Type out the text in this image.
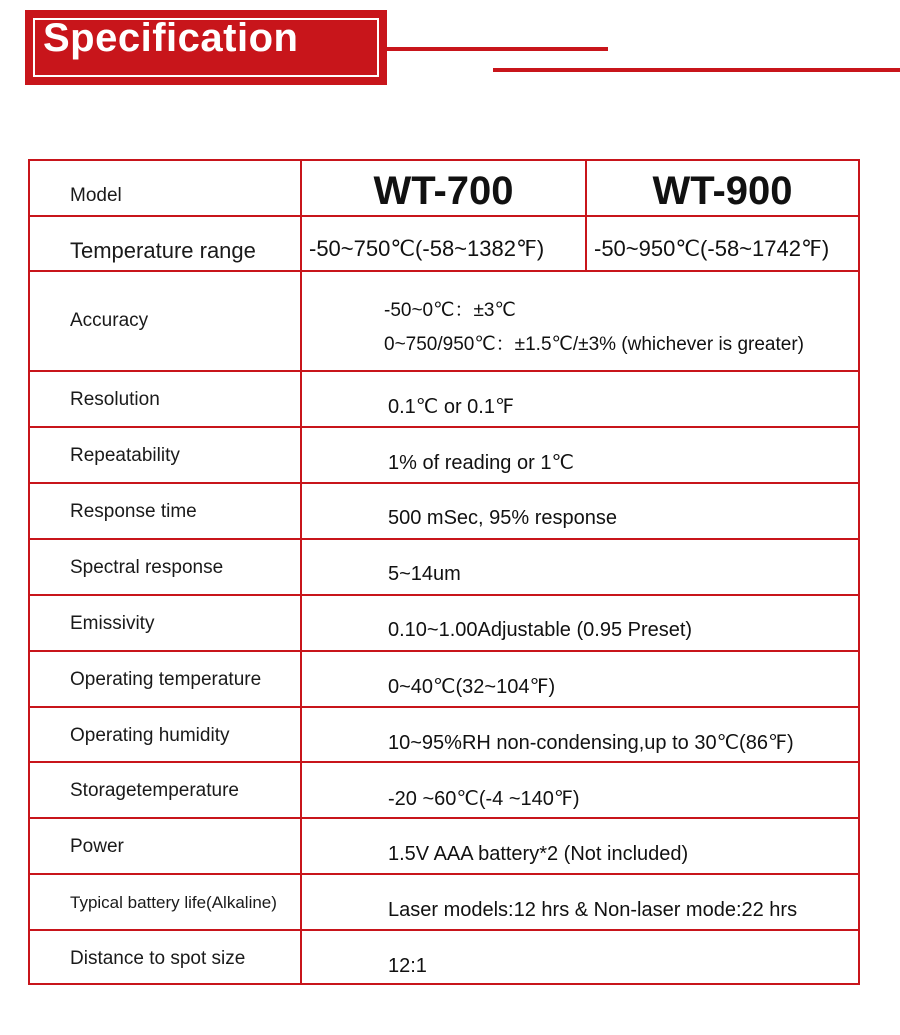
Specification
Model	WT-700	WT-900
Temperature range -50~750℃(-58~1382℉) -50~950℃(-58~1742℉)
Accuracy	-50~0℃：±3℃
0~750/950℃：±1.5℃/±3% (whichever is greater)
Resolution	0.1℃ or 0.1℉
Repeatability	1% of reading or 1℃
Response time	500 mSec, 95% response
Spectral response	5~14um
Emissivity	0.10~1.00Adjustable (0.95 Preset)
Operating temperature	0~40℃(32~104℉)
Operating humidity	10~95%RH non-condensing,up to 30℃(86℉)
Storagetemperature	-20 ~60℃(-4 ~140℉)
Power	1.5V AAA battery*2 (Not included)
Typical battery life(Alkaline)	Laser models:12 hrs & Non-laser mode:22 hrs
Distance to spot size	12:1
